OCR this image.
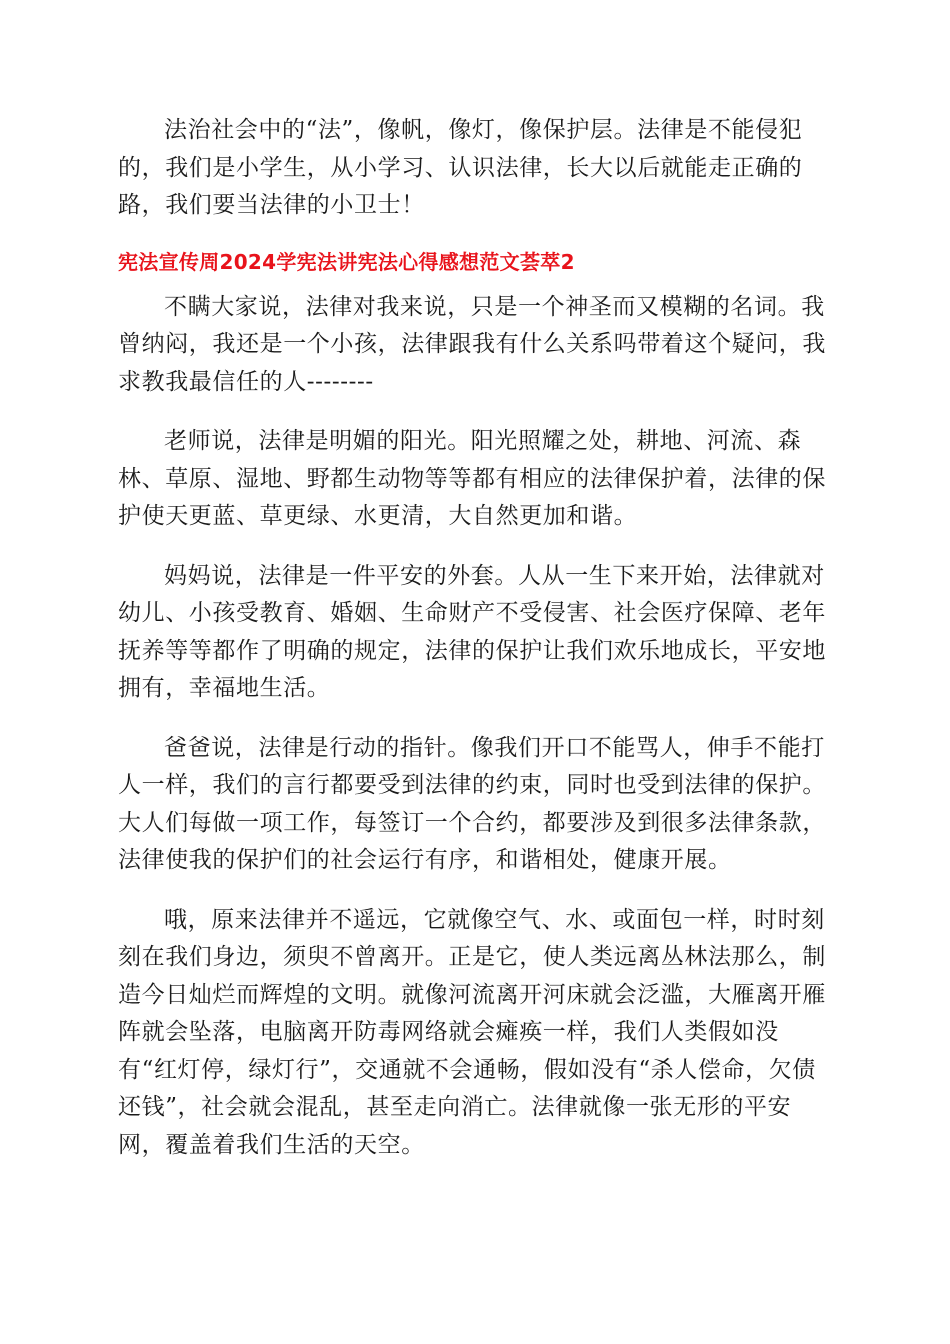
法治社会中的“法”，像帆，像灯，像保护层。法律是不能侵犯的，我们是小学生，从小学习、认识法律，长大以后就能走正确的路，我们要当法律的小卫士！

宪法宣传周2024学宪法讲宪法心得感想范文荟萃2

不瞒大家说，法律对我来说，只是一个神圣而又模糊的名词。我曾纳闷，我还是一个小孩，法律跟我有什么关系吗带着这个疑问，我求教我最信任的人--------

老师说，法律是明媚的阳光。阳光照耀之处，耕地、河流、森林、草原、湿地、野都生动物等等都有相应的法律保护着，法律的保护使天更蓝、草更绿、水更清，大自然更加和谐。

妈妈说，法律是一件平安的外套。人从一生下来开始，法律就对幼儿、小孩受教育、婚姻、生命财产不受侵害、社会医疗保障、老年抚养等等都作了明确的规定，法律的保护让我们欢乐地成长，平安地拥有，幸福地生活。

爸爸说，法律是行动的指针。像我们开口不能骂人，伸手不能打人一样，我们的言行都要受到法律的约束，同时也受到法律的保护。大人们每做一项工作，每签订一个合约，都要涉及到很多法律条款，法律使我的保护们的社会运行有序，和谐相处，健康开展。

哦，原来法律并不遥远，它就像空气、水、或面包一样，时时刻刻在我们身边，须臾不曾离开。正是它，使人类远离丛林法那么，制造今日灿烂而辉煌的文明。就像河流离开河床就会泛滥，大雁离开雁阵就会坠落，电脑离开防毒网络就会瘫痪一样，我们人类假如没有“红灯停，绿灯行”，交通就不会通畅，假如没有“杀人偿命，欠债还钱”，社会就会混乱，甚至走向消亡。法律就像一张无形的平安网，覆盖着我们生活的天空。
